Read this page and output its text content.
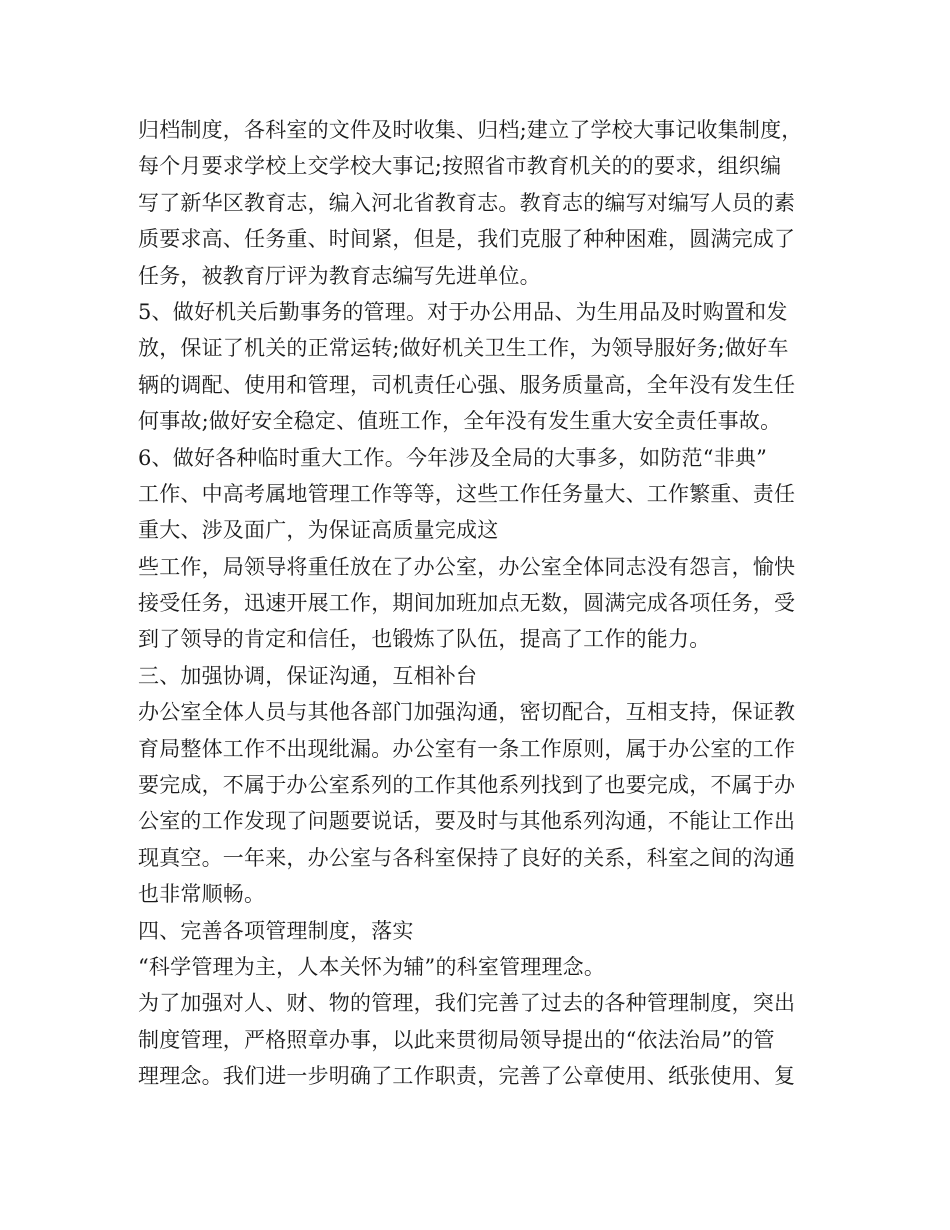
归档制度，各科室的文件及时收集、归档;建立了学校大事记收集制度，
每个月要求学校上交学校大事记;按照省市教育机关的的要求，组织编
写了新华区教育志，编入河北省教育志。教育志的编写对编写人员的素
质要求高、任务重、时间紧，但是，我们克服了种种困难，圆满完成了
任务，被教育厅评为教育志编写先进单位。
5、做好机关后勤事务的管理。对于办公用品、为生用品及时购置和发
放，保证了机关的正常运转;做好机关卫生工作，为领导服好务;做好车
辆的调配、使用和管理，司机责任心强、服务质量高，全年没有发生任
何事故;做好安全稳定、值班工作，全年没有发生重大安全责任事故。
6、做好各种临时重大工作。今年涉及全局的大事多，如防范“非典”
工作、中高考属地管理工作等等，这些工作任务量大、工作繁重、责任
重大、涉及面广，为保证高质量完成这
些工作，局领导将重任放在了办公室，办公室全体同志没有怨言，愉快
接受任务，迅速开展工作，期间加班加点无数，圆满完成各项任务，受
到了领导的肯定和信任，也锻炼了队伍，提高了工作的能力。
三、加强协调，保证沟通，互相补台
办公室全体人员与其他各部门加强沟通，密切配合，互相支持，保证教
育局整体工作不出现纰漏。办公室有一条工作原则，属于办公室的工作
要完成，不属于办公室系列的工作其他系列找到了也要完成，不属于办
公室的工作发现了问题要说话，要及时与其他系列沟通，不能让工作出
现真空。一年来，办公室与各科室保持了良好的关系，科室之间的沟通
也非常顺畅。
四、完善各项管理制度，落实
“科学管理为主，人本关怀为辅”的科室管理理念。
为了加强对人、财、物的管理，我们完善了过去的各种管理制度，突出
制度管理，严格照章办事，以此来贯彻局领导提出的“依法治局”的管
理理念。我们进一步明确了工作职责，完善了公章使用、纸张使用、复
